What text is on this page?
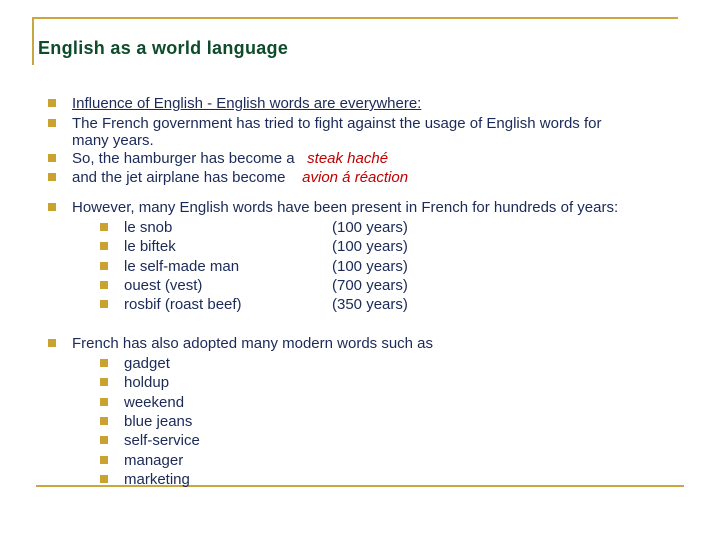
English as a world language
Influence of English - English words are everywhere:
The French government has tried to fight against the usage of English words for
many years.
So, the hamburger has become a steak haché
and the jet airplane has become avion á réaction
However, many English words have been present in French for hundreds of years:
le snob	(100 years)
le biftek	(100 years)
le self-made man	(100 years)
ouest (vest)	(700 years)
rosbif (roast beef)	(350 years)
French has also adopted many modern words such as
gadget
holdup
weekend
blue jeans
self-service
manager
marketing
